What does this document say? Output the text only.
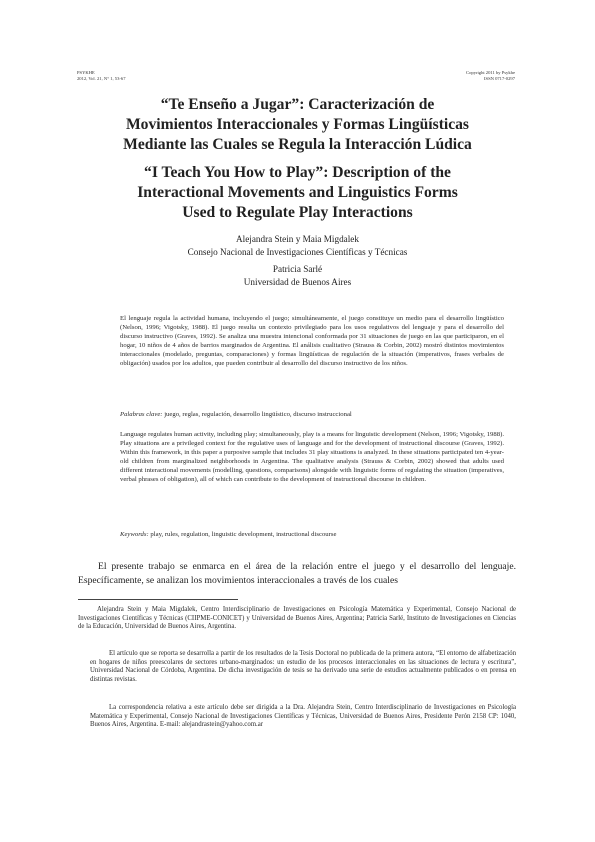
PSYKHE
2012, Vol. 21, N° 1, 53-67
Copyright 2011 by Psykhe
ISSN 0717-0297
“Te Enseño a Jugar”: Caracterización de Movimientos Interaccionales y Formas Lingüísticas Mediante las Cuales se Regula la Interacción Lúdica
“I Teach You How to Play”: Description of the Interactional Movements and Linguistics Forms Used to Regulate Play Interactions
Alejandra Stein y Maia Migdalek
Consejo Nacional de Investigaciones Científicas y Técnicas
Patricia Sarlé
Universidad de Buenos Aires
El lenguaje regula la actividad humana, incluyendo el juego; simultáneamente, el juego constituye un medio para el desarrollo lingüístico (Nelson, 1996; Vigotsky, 1988). El juego resulta un contexto privilegiado para los usos regulativos del lenguaje y para el desarrollo del discurso instructivo (Graves, 1992). Se analiza una muestra intencional conformada por 31 situaciones de juego en las que participaron, en el hogar, 10 niños de 4 años de barrios marginados de Argentina. El análisis cualitativo (Strauss & Corbin, 2002) mostró distintos movimientos interaccionales (modelado, preguntas, comparaciones) y formas lingüísticas de regulación de la situación (imperativos, frases verbales de obligación) usados por los adultos, que pueden contribuir al desarrollo del discurso instructivo de los niños.
Palabras clave: juego, reglas, regulación, desarrollo lingüístico, discurso instruccional
Language regulates human activity, including play; simultaneously, play is a means for linguistic development (Nelson, 1996; Vigotsky, 1988). Play situations are a privileged context for the regulative uses of language and for the development of instructional discourse (Graves, 1992). Within this framework, in this paper a purposive sample that includes 31 play situations is analyzed. In these situations participated ten 4-year-old children from marginalized neighborhoods in Argentina. The qualitative analysis (Strauss & Corbin, 2002) showed that adults used different interactional movements (modelling, questions, comparisons) alongside with linguistic forms of regulating the situation (imperatives, verbal phrases of obligation), all of which can contribute to the development of instructional discourse in children.
Keywords: play, rules, regulation, linguistic development, instructional discourse
El presente trabajo se enmarca en el área de la relación entre el juego y el desarrollo del lenguaje. Específicamente, se analizan los movimientos interaccionales a través de los cuales
Alejandra Stein y Maia Migdalek, Centro Interdisciplinario de Investigaciones en Psicología Matemática y Experimental, Consejo Nacional de Investigaciones Científicas y Técnicas (CIIPME-CONICET) y Universidad de Buenos Aires, Argentina; Patricia Sarlé, Instituto de Investigaciones en Ciencias de la Educación, Universidad de Buenos Aires, Argentina.
El artículo que se reporta se desarrolla a partir de los resultados de la Tesis Doctoral no publicada de la primera autora, “El entorno de alfabetización en hogares de niños preescolares de sectores urbano-marginados: un estudio de los procesos interaccionales en las situaciones de lectura y escritura”, Universidad Nacional de Córdoba, Argentina. De dicha investigación de tesis se ha derivado una serie de estudios actualmente publicados o en prensa en distintas revistas.
La correspondencia relativa a este artículo debe ser dirigida a la Dra. Alejandra Stein, Centro Interdisciplinario de Investigaciones en Psicología Matemática y Experimental, Consejo Nacional de Investigaciones Científicas y Técnicas, Universidad de Buenos Aires, Presidente Perón 2158 CP: 1040, Buenos Aires, Argentina. E-mail: alejandrastein@yahoo.com.ar
